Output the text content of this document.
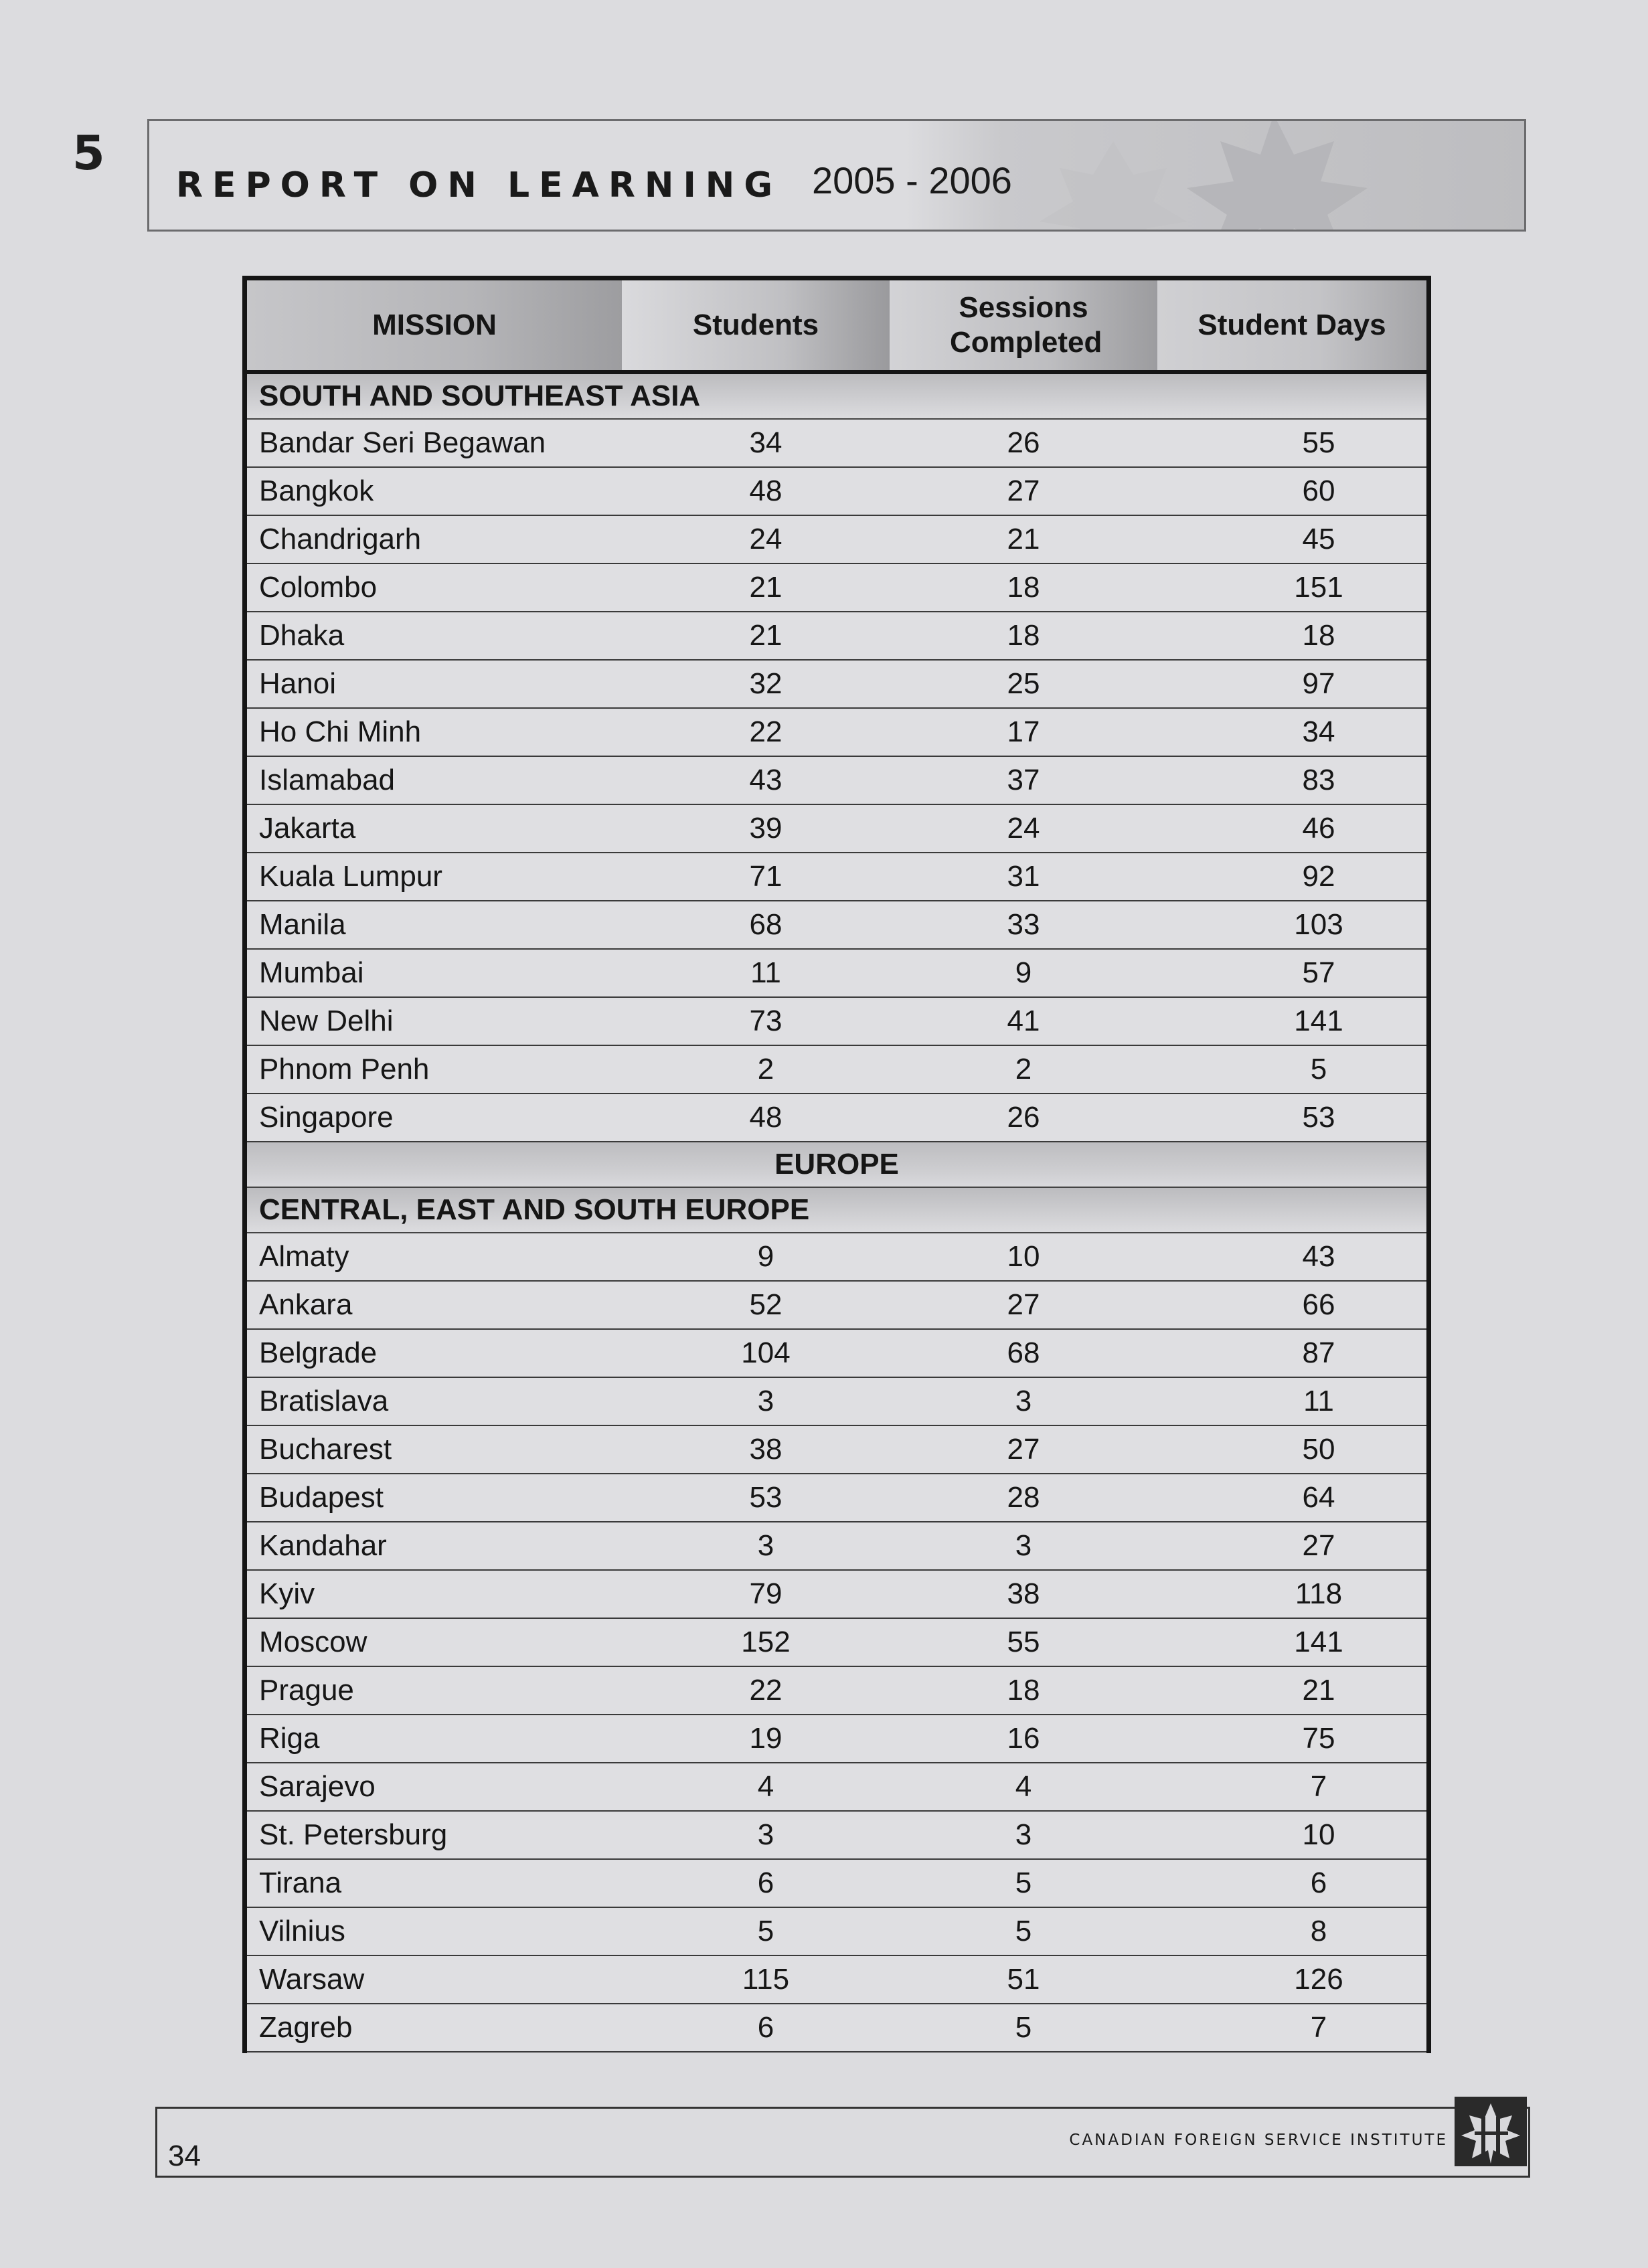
5
REPORT ON LEARNING 2005 - 2006
MISSION	Students	Sessions Completed	Student Days
SOUTH AND SOUTHEAST ASIA			
Bandar Seri Begawan	34	26	55
Bangkok	48	27	60
Chandrigarh	24	21	45
Colombo	21	18	151
Dhaka	21	18	18
Hanoi	32	25	97
Ho Chi Minh	22	17	34
Islamabad	43	37	83
Jakarta	39	24	46
Kuala Lumpur	71	31	92
Manila	68	33	103
Mumbai	11	9	57
New Delhi	73	41	141
Phnom Penh	2	2	5
Singapore	48	26	53
EUROPE			
CENTRAL, EAST AND SOUTH EUROPE			
Almaty	9	10	43
Ankara	52	27	66
Belgrade	104	68	87
Bratislava	3	3	11
Bucharest	38	27	50
Budapest	53	28	64
Kandahar	3	3	27
Kyiv	79	38	118
Moscow	152	55	141
Prague	22	18	21
Riga	19	16	75
Sarajevo	4	4	7
St. Petersburg	3	3	10
Tirana	6	5	6
Vilnius	5	5	8
Warsaw	115	51	126
Zagreb	6	5	7
34	CANADIAN FOREIGN SERVICE INSTITUTE
